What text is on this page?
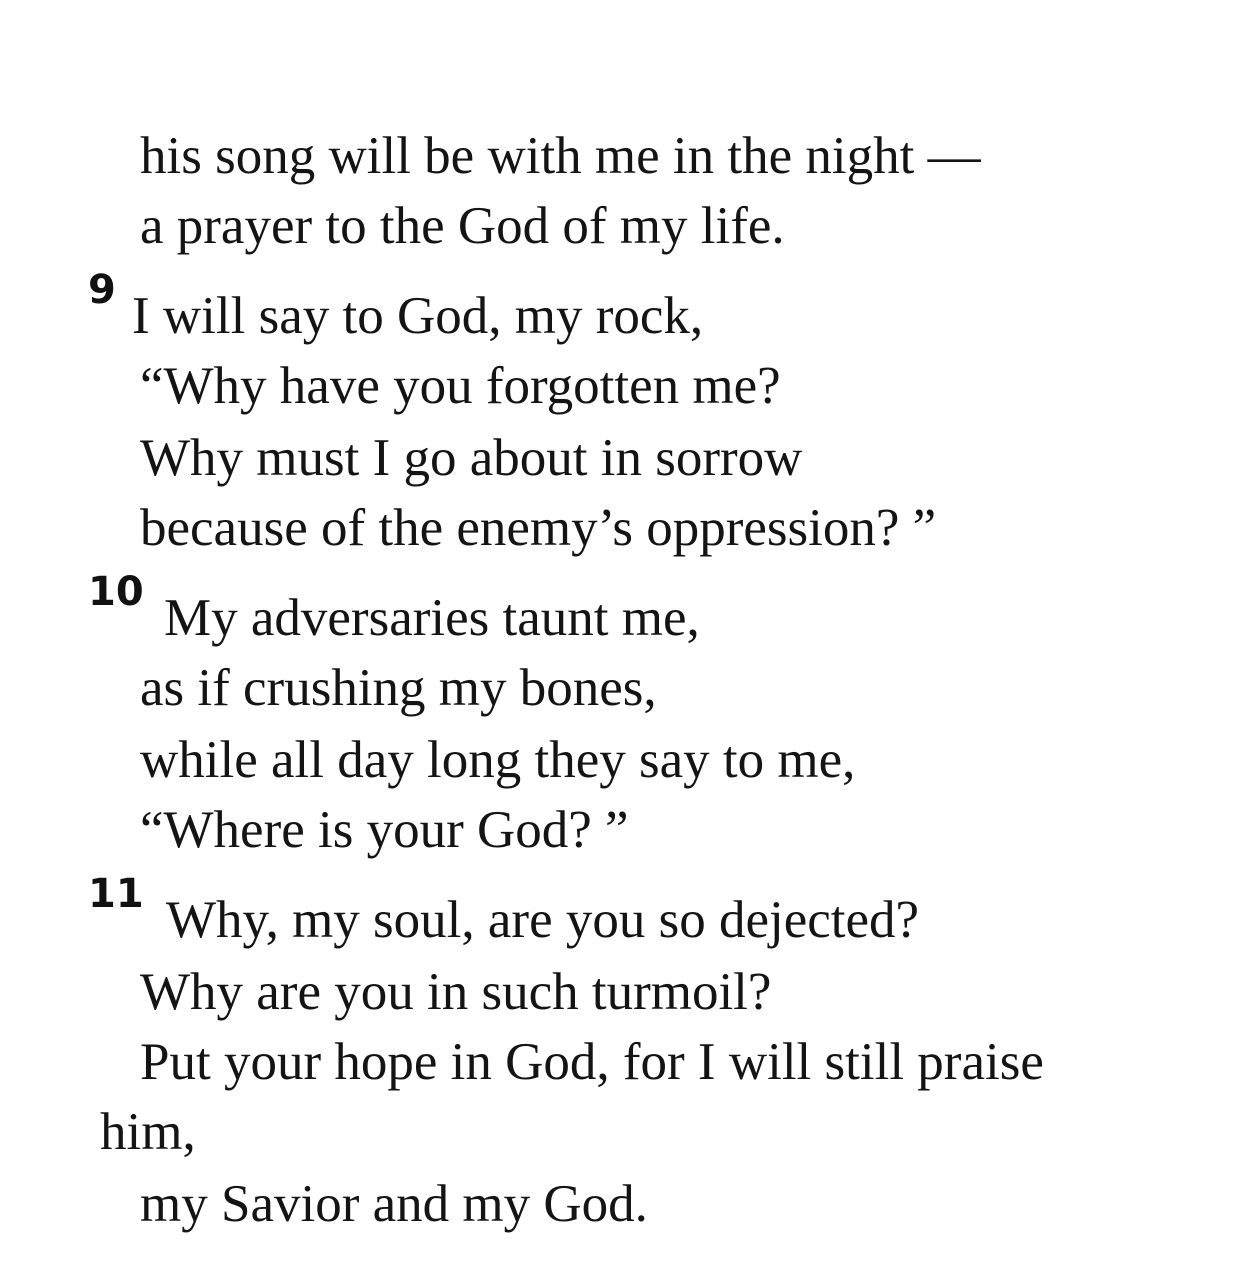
his song will be with me in the night —
a prayer to the God of my life.
9 I will say to God, my rock,
“Why have you forgotten me?
Why must I go about in sorrow
because of the enemy’s oppression? ”
10 My adversaries taunt me,
as if crushing my bones,
while all day long they say to me,
“Where is your God? ”
11 Why, my soul, are you so dejected?
Why are you in such turmoil?
Put your hope in God, for I will still praise
him,
my Savior and my God.
